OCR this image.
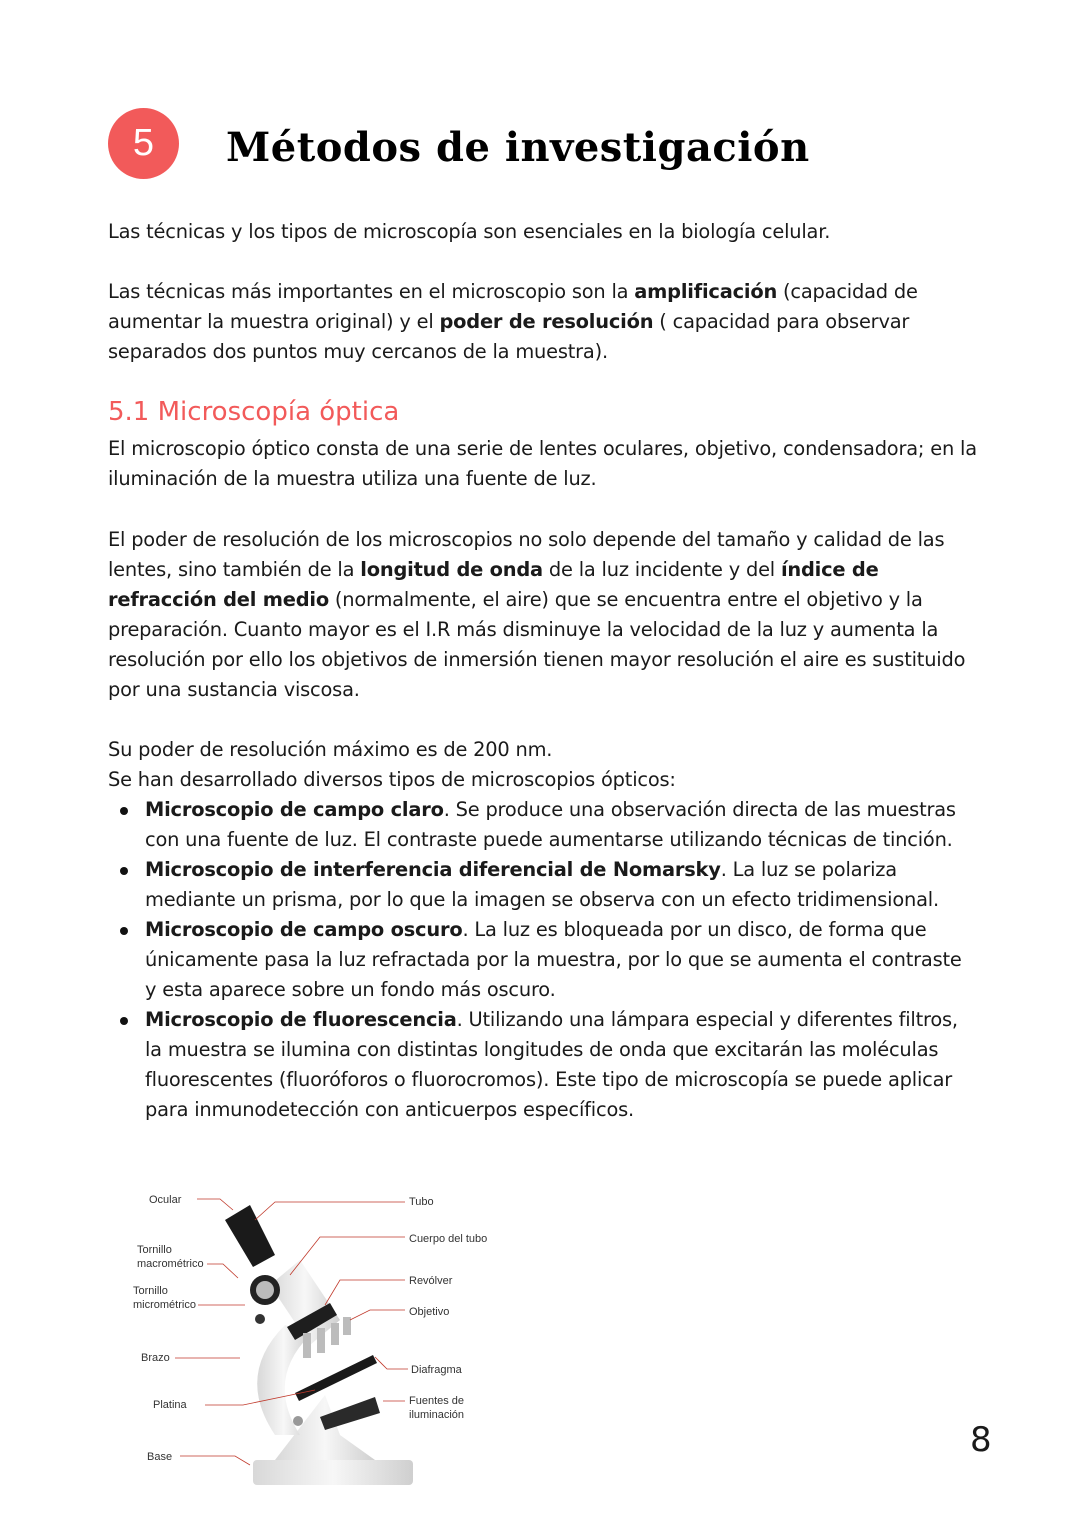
5	Métodos de investigación
Las técnicas y los tipos de microscopía son esenciales en la biología celular.
Las técnicas más importantes en el microscopio son la amplificación (capacidad de aumentar la muestra original) y el poder de resolución ( capacidad para observar separados dos puntos muy cercanos de la muestra).
5.1 Microscopía óptica
El microscopio óptico consta de una serie de lentes oculares, objetivo, condensadora; en la iluminación de la muestra utiliza una fuente de luz.
El poder de resolución de los microscopios no solo depende del tamaño y calidad de las lentes, sino también de la longitud de onda de la luz incidente y del índice de refracción del medio (normalmente, el aire) que se encuentra entre el objetivo y la preparación. Cuanto mayor es el I.R más disminuye la velocidad de la luz y aumenta la resolución por ello los objetivos de inmersión tienen mayor resolución el aire es sustituido por una sustancia viscosa.
Su poder de resolución máximo es de 200 nm.
Se han desarrollado diversos tipos de microscopios ópticos:
Microscopio de campo claro. Se produce una observación directa de las muestras con una fuente de luz. El contraste puede aumentarse utilizando técnicas de tinción.
Microscopio de interferencia diferencial de Nomarsky. La luz se polariza mediante un prisma, por lo que la imagen se observa con un efecto tridimensional.
Microscopio de campo oscuro. La luz es bloqueada por un disco, de forma que únicamente pasa la luz refractada por la muestra, por lo que se aumenta el contraste y esta aparece sobre un fondo más oscuro.
Microscopio de fluorescencia. Utilizando una lámpara especial y diferentes filtros, la muestra se ilumina con distintas longitudes de onda que excitarán las moléculas fluorescentes (fluoróforos o fluorocromos). Este tipo de microscopía se puede aplicar para inmunodetección con anticuerpos específicos.
Ocular	Tubo
Cuerpo del tubo
Tornillo macrométrico
Revólver
Tornillo micrométrico
Objetivo
Brazo
Diafragma
Platina	Fuentes de iluminación
Base	8
